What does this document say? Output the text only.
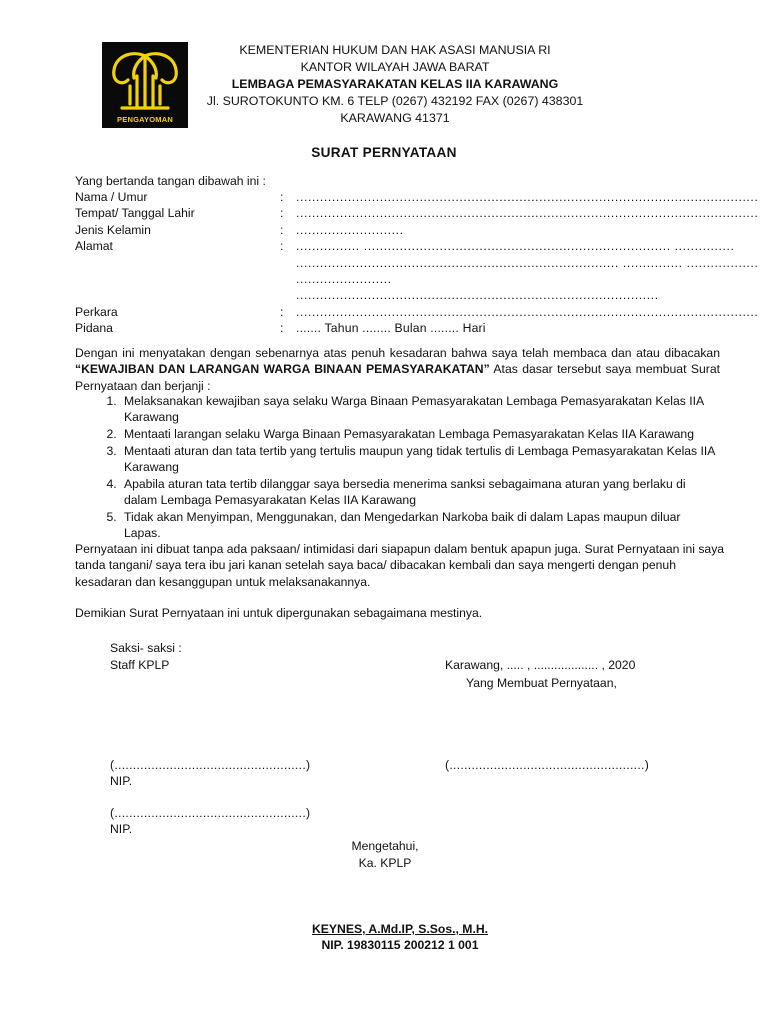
PENGAYOMAN
KEMENTERIAN HUKUM DAN HAK ASASI MANUSIA RI
KANTOR WILAYAH JAWA BARAT
LEMBAGA PEMASYARAKATAN KELAS IIA KARAWANG
Jl. SUROTOKUNTO KM. 6 TELP (0267) 432192 FAX (0267) 438301
KARAWANG 41371
SURAT PERNYATAAN
Yang bertanda tangan dibawah ini :
Nama / Umur	: ....................................................................................................................
Tempat/ Tanggal Lahir	: ....................................................................................................................
Jenis Kelamin	: ...........................
Alamat	: ................ ............................................................................. ...............
................................................................................. ............... ..................
........................
...........................................................................................
Perkara	: ....................................................................................................................
Pidana	: ....... Tahun ........ Bulan ........ Hari
Dengan ini menyatakan dengan sebenarnya atas penuh kesadaran bahwa saya telah membaca dan atau dibacakan “KEWAJIBAN DAN LARANGAN WARGA BINAAN PEMASYARAKATAN” Atas dasar tersebut saya membuat Surat Pernyataan dan berjanji :
1. Melaksanakan kewajiban saya selaku Warga Binaan Pemasyarakatan Lembaga Pemasyarakatan Kelas IIA Karawang
2. Mentaati larangan selaku Warga Binaan Pemasyarakatan Lembaga Pemasyarakatan Kelas IIA Karawang
3. Mentaati aturan dan tata tertib yang tertulis maupun yang tidak tertulis di Lembaga Pemasyarakatan Kelas IIA Karawang
4. Apabila aturan tata tertib dilanggar saya bersedia menerima sanksi sebagaimana aturan yang berlaku di dalam Lembaga Pemasyarakatan Kelas IIA Karawang
5. Tidak akan Menyimpan, Menggunakan, dan Mengedarkan Narkoba baik di dalam Lapas maupun diluar Lapas.
Pernyataan ini dibuat tanpa ada paksaan/ intimidasi dari siapapun dalam bentuk apapun juga. Surat Pernyataan ini saya tanda tangani/ saya tera ibu jari kanan setelah saya baca/ dibacakan kembali dan saya mengerti dengan penuh kesadaran dan kesanggupan untuk melaksanakannya.
Demikian Surat Pernyataan ini untuk dipergunakan sebagaimana mestinya.
Saksi- saksi :
Staff KPLP	Karawang, ..... , ................... , 2020
Yang Membuat Pernyataan,
(....................................................)	(.....................................................)
NIP.
(....................................................)
NIP.
Mengetahui,
Ka. KPLP
KEYNES, A.Md.IP, S.Sos., M.H.
NIP. 19830115 200212 1 001
